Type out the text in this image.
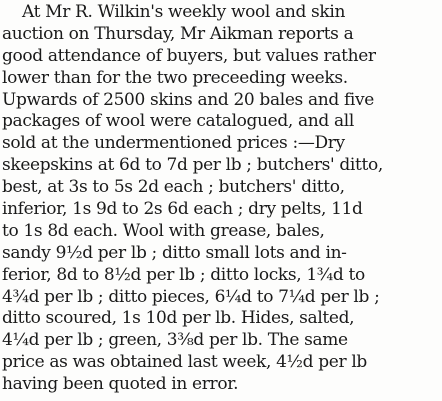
At Mr R. Wilkin's weekly wool and skin
auction on Thursday, Mr Aikman reports a
good attendance of buyers, but values rather
lower than for the two preceeding weeks.
Upwards of 2500 skins and 20 bales and five
packages of wool were catalogued, and all
sold at the undermentioned prices :—Dry
skeepskins at 6d to 7d per lb ; butchers' ditto,
best, at 3s to 5s 2d each ; butchers' ditto,
inferior, 1s 9d to 2s 6d each ; dry pelts, 11d
to 1s 8d each. Wool with grease, bales,
sandy 9½d per lb ; ditto small lots and in-
ferior, 8d to 8½d per lb ; ditto locks, 1¾d to
4¾d per lb ; ditto pieces, 6¼d to 7¼d per lb ;
ditto scoured, 1s 10d per lb. Hides, salted,
4¼d per lb ; green, 3⅜d per lb. The same
price as was obtained last week, 4½d per lb
having been quoted in error.
